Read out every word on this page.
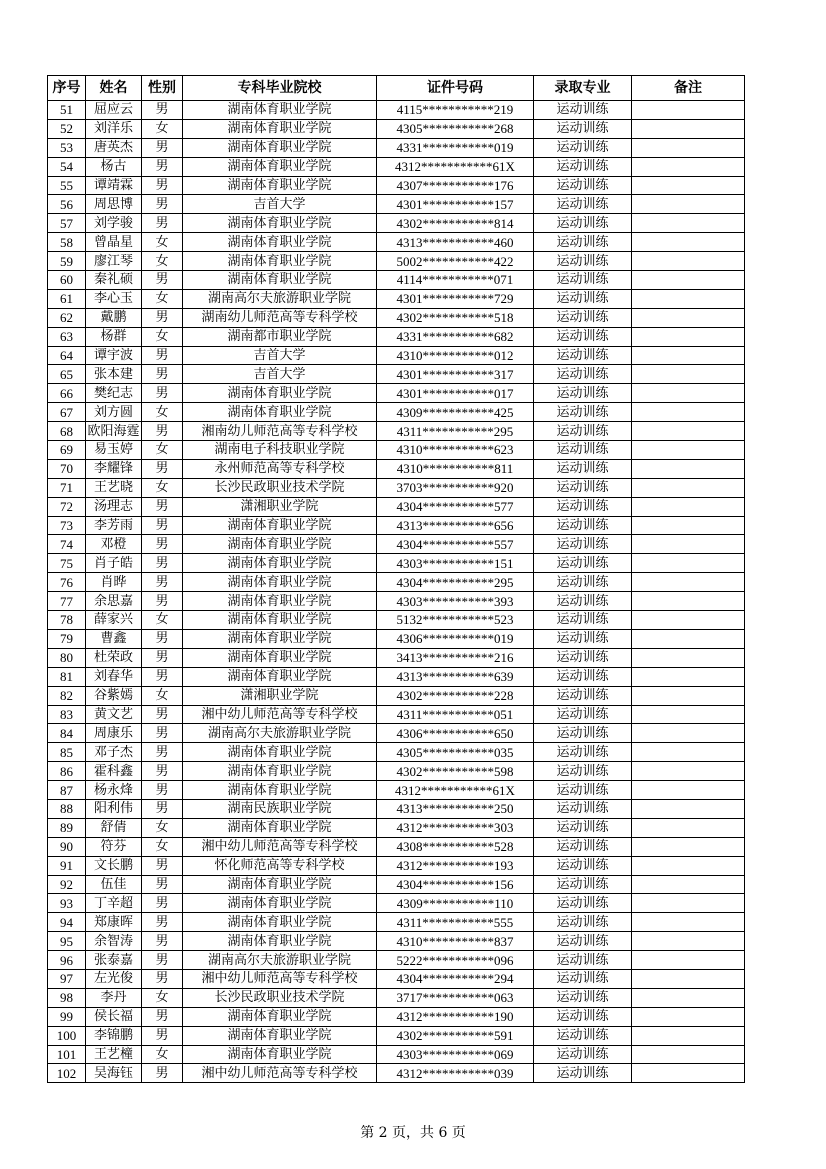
序号	姓名	性别	专科毕业院校	证件号码	录取专业	备注
51	屈应云	男	湖南体育职业学院	4115***********219	运动训练	
52	刘洋乐	女	湖南体育职业学院	4305***********268	运动训练	
53	唐英杰	男	湖南体育职业学院	4331***********019	运动训练	
54	杨古	男	湖南体育职业学院	4312***********61X	运动训练	
55	谭靖霖	男	湖南体育职业学院	4307***********176	运动训练	
56	周思博	男	吉首大学	4301***********157	运动训练	
57	刘学骏	男	湖南体育职业学院	4302***********814	运动训练	
58	曾晶星	女	湖南体育职业学院	4313***********460	运动训练	
59	廖江琴	女	湖南体育职业学院	5002***********422	运动训练	
60	秦礼硕	男	湖南体育职业学院	4114***********071	运动训练	
61	李心玉	女	湖南高尔夫旅游职业学院	4301***********729	运动训练	
62	戴鹏	男	湖南幼儿师范高等专科学校	4302***********518	运动训练	
63	杨群	女	湖南都市职业学院	4331***********682	运动训练	
64	谭宇波	男	吉首大学	4310***********012	运动训练	
65	张本建	男	吉首大学	4301***********317	运动训练	
66	樊纪志	男	湖南体育职业学院	4301***********017	运动训练	
67	刘方圆	女	湖南体育职业学院	4309***********425	运动训练	
68	欧阳海霆	男	湘南幼儿师范高等专科学校	4311***********295	运动训练	
69	易玉婷	女	湖南电子科技职业学院	4310***********623	运动训练	
70	李耀锋	男	永州师范高等专科学校	4310***********811	运动训练	
71	王艺晓	女	长沙民政职业技术学院	3703***********920	运动训练	
72	汤理志	男	潇湘职业学院	4304***********577	运动训练	
73	李芳雨	男	湖南体育职业学院	4313***********656	运动训练	
74	邓橙	男	湖南体育职业学院	4304***********557	运动训练	
75	肖子皓	男	湖南体育职业学院	4303***********151	运动训练	
76	肖晔	男	湖南体育职业学院	4304***********295	运动训练	
77	余思嘉	男	湖南体育职业学院	4303***********393	运动训练	
78	薛家兴	女	湖南体育职业学院	5132***********523	运动训练	
79	曹鑫	男	湖南体育职业学院	4306***********019	运动训练	
80	杜荣政	男	湖南体育职业学院	3413***********216	运动训练	
81	刘春华	男	湖南体育职业学院	4313***********639	运动训练	
82	谷紫嫣	女	潇湘职业学院	4302***********228	运动训练	
83	黄文艺	男	湘中幼儿师范高等专科学校	4311***********051	运动训练	
84	周康乐	男	湖南高尔夫旅游职业学院	4306***********650	运动训练	
85	邓子杰	男	湖南体育职业学院	4305***********035	运动训练	
86	霍科鑫	男	湖南体育职业学院	4302***********598	运动训练	
87	杨永烽	男	湖南体育职业学院	4312***********61X	运动训练	
88	阳利伟	男	湖南民族职业学院	4313***********250	运动训练	
89	舒倩	女	湖南体育职业学院	4312***********303	运动训练	
90	符芬	女	湘中幼儿师范高等专科学校	4308***********528	运动训练	
91	文长鹏	男	怀化师范高等专科学校	4312***********193	运动训练	
92	伍佳	男	湖南体育职业学院	4304***********156	运动训练	
93	丁辛超	男	湖南体育职业学院	4309***********110	运动训练	
94	郑康晖	男	湖南体育职业学院	4311***********555	运动训练	
95	余智涛	男	湖南体育职业学院	4310***********837	运动训练	
96	张泰嘉	男	湖南高尔夫旅游职业学院	5222***********096	运动训练	
97	左光俊	男	湘中幼儿师范高等专科学校	4304***********294	运动训练	
98	李丹	女	长沙民政职业技术学院	3717***********063	运动训练	
99	侯长福	男	湖南体育职业学院	4312***********190	运动训练	
100	李锦鹏	男	湖南体育职业学院	4302***********591	运动训练	
101	王艺橦	女	湖南体育职业学院	4303***********069	运动训练	
102	吴海钰	男	湘中幼儿师范高等专科学校	4312***********039	运动训练	
第 2 页，共 6 页
